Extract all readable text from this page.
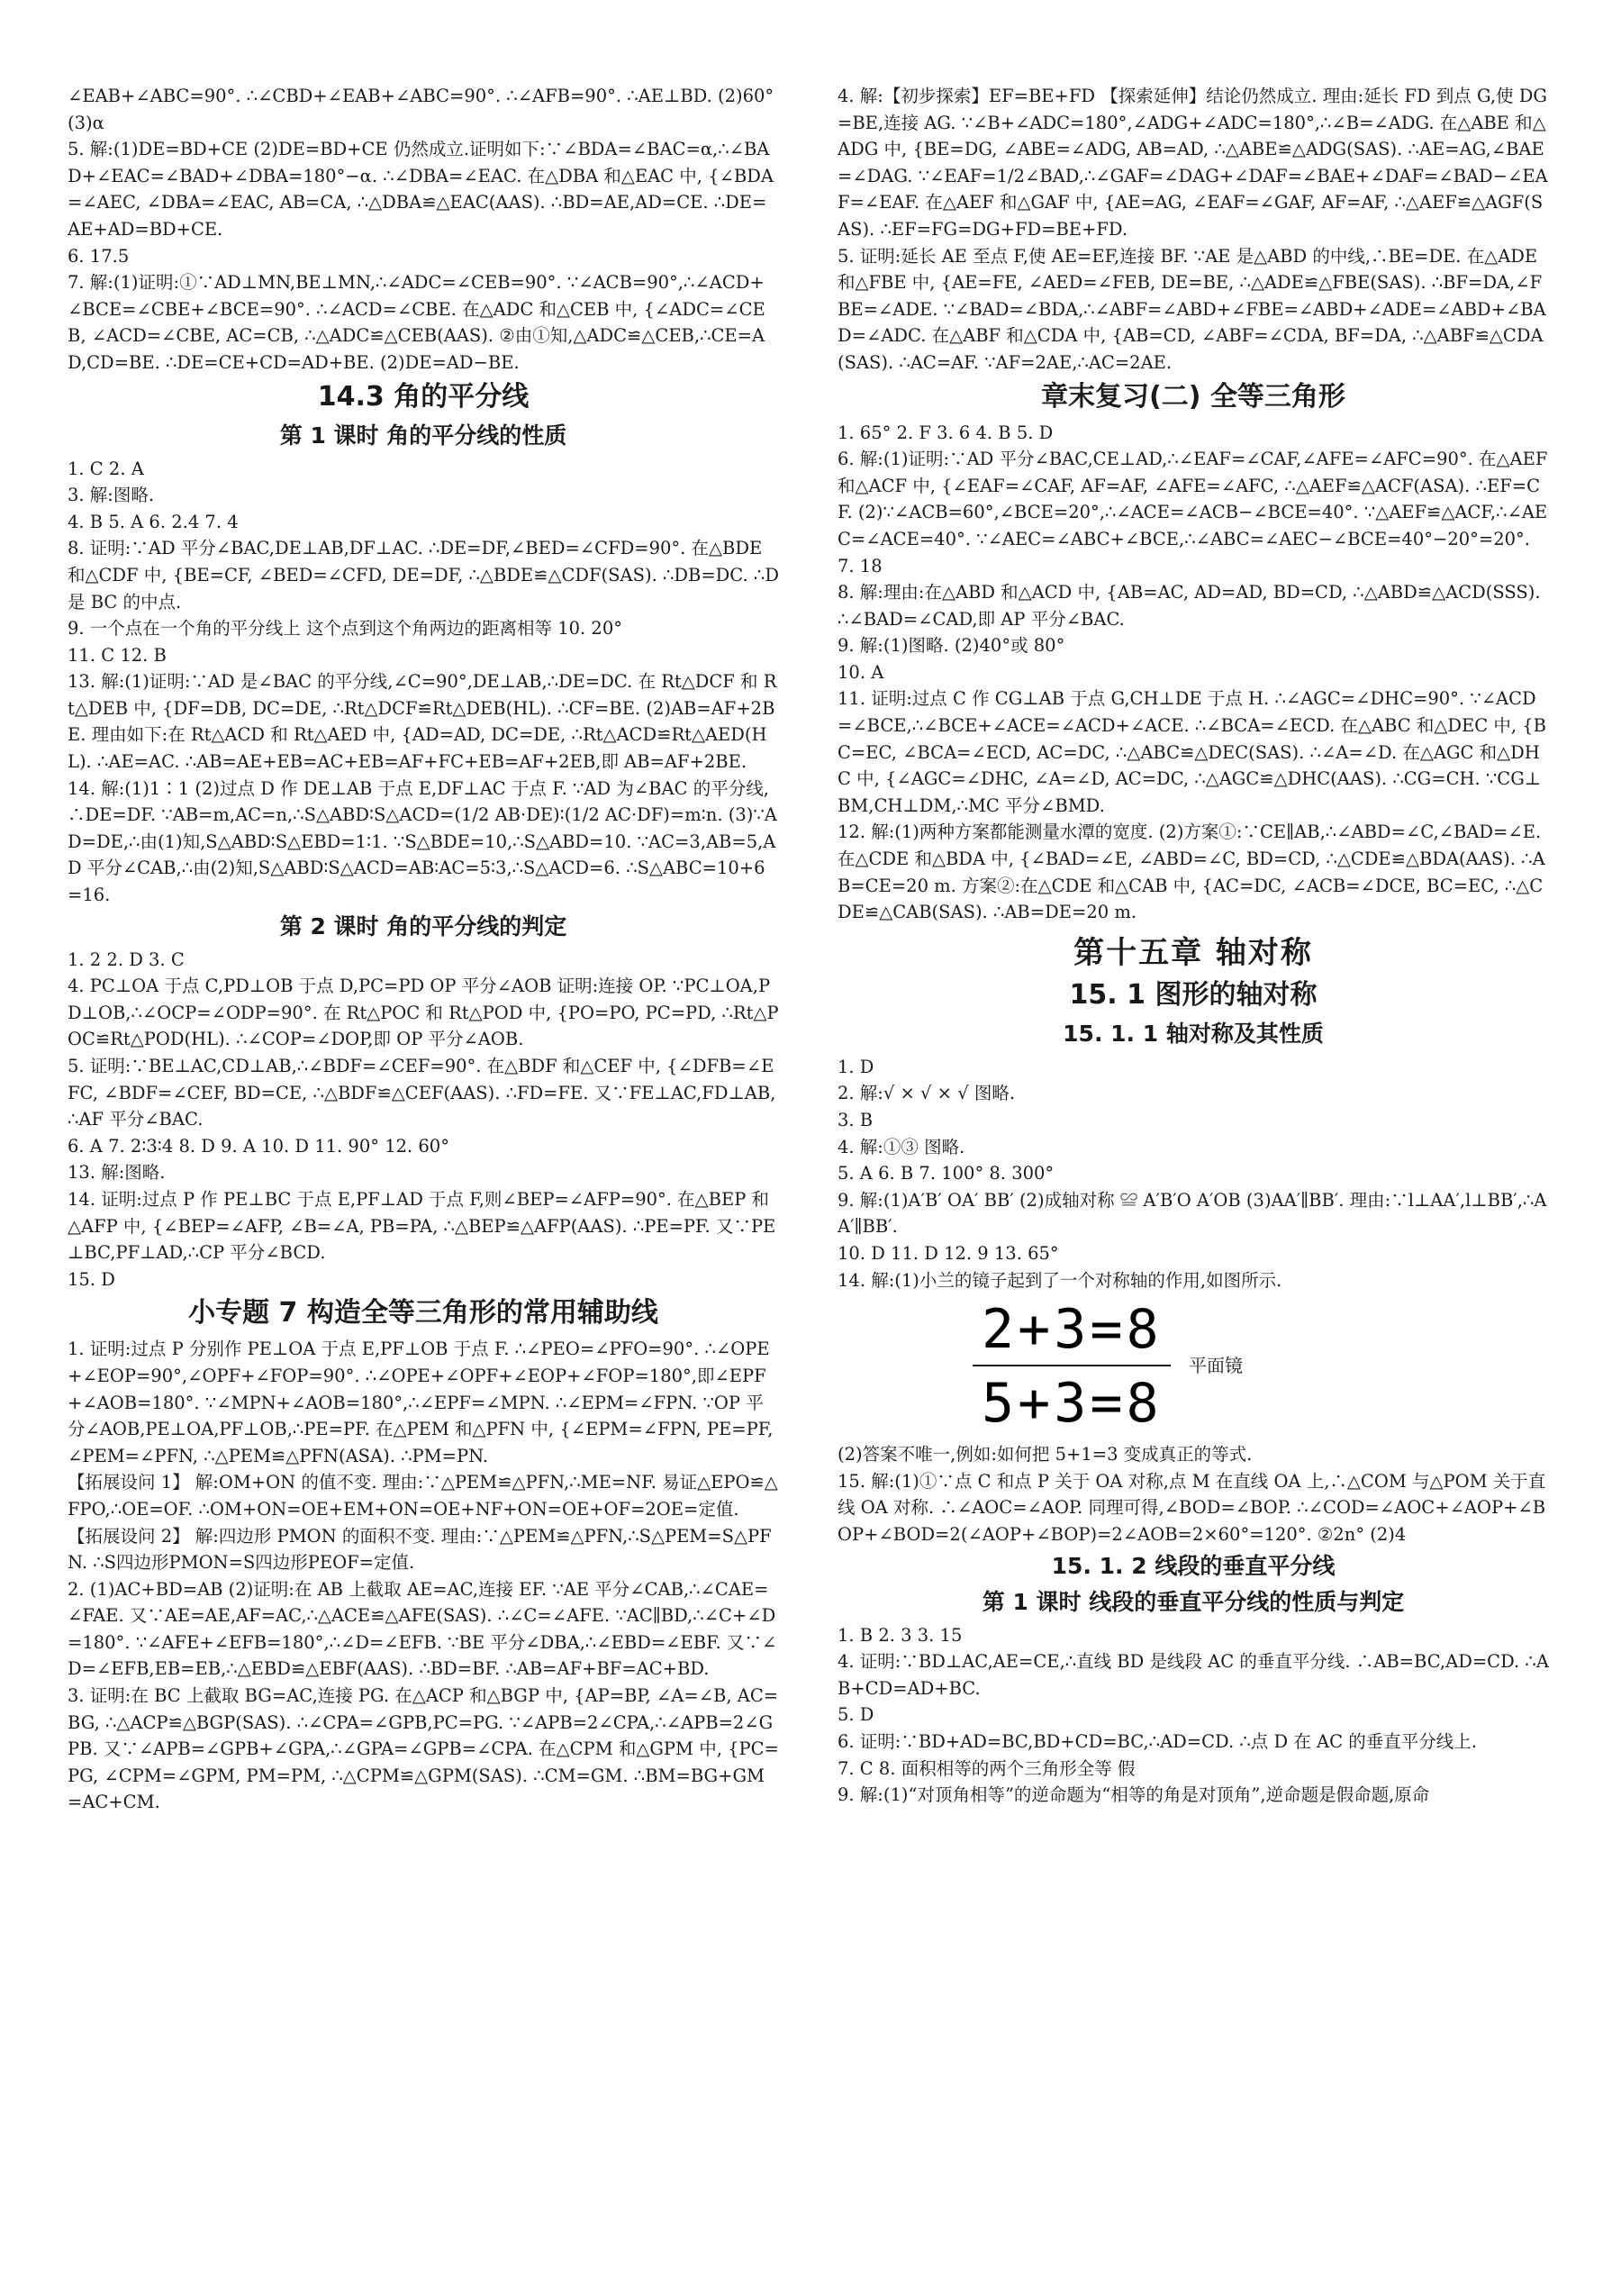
∠EAB+∠ABC=90°. ∴∠CBD+∠EAB+∠ABC=90°. ∴∠AFB=90°. ∴AE⊥BD. (2)60° (3)α
5. 解:(1)DE=BD+CE (2)DE=BD+CE 仍然成立.证明如下:∵∠BDA=∠BAC=α,∴∠BAD+∠EAC=∠BAD+∠DBA=180°−α. ∴∠DBA=∠EAC. 在△DBA 和△EAC 中, {∠BDA=∠AEC, ∠DBA=∠EAC, AB=CA, ∴△DBA≌△EAC(AAS). ∴BD=AE,AD=CE. ∴DE=AE+AD=BD+CE.
6. 17.5
7. 解:(1)证明:①∵AD⊥MN,BE⊥MN,∴∠ADC=∠CEB=90°. ∵∠ACB=90°,∴∠ACD+∠BCE=∠CBE+∠BCE=90°. ∴∠ACD=∠CBE. 在△ADC 和△CEB 中, {∠ADC=∠CEB, ∠ACD=∠CBE, AC=CB, ∴△ADC≌△CEB(AAS). ②由①知,△ADC≌△CEB,∴CE=AD,CD=BE. ∴DE=CE+CD=AD+BE. (2)DE=AD−BE.
14.3 角的平分线
第 1 课时 角的平分线的性质
1. C 2. A
3. 解:图略.
4. B 5. A 6. 2.4 7. 4
8. 证明:∵AD 平分∠BAC,DE⊥AB,DF⊥AC. ∴DE=DF,∠BED=∠CFD=90°. 在△BDE 和△CDF 中, {BE=CF, ∠BED=∠CFD, DE=DF, ∴△BDE≌△CDF(SAS). ∴DB=DC. ∴D 是 BC 的中点.
9. 一个点在一个角的平分线上 这个点到这个角两边的距离相等 10. 20°
11. C 12. B
13. 解:(1)证明:∵AD 是∠BAC 的平分线,∠C=90°,DE⊥AB,∴DE=DC. 在 Rt△DCF 和 Rt△DEB 中, {DF=DB, DC=DE, ∴Rt△DCF≌Rt△DEB(HL). ∴CF=BE. (2)AB=AF+2BE. 理由如下:在 Rt△ACD 和 Rt△AED 中, {AD=AD, DC=DE, ∴Rt△ACD≌Rt△AED(HL). ∴AE=AC. ∴AB=AE+EB=AC+EB=AF+FC+EB=AF+2EB,即 AB=AF+2BE.
14. 解:(1)1∶1 (2)过点 D 作 DE⊥AB 于点 E,DF⊥AC 于点 F. ∵AD 为∠BAC 的平分线,∴DE=DF. ∵AB=m,AC=n,∴S△ABD∶S△ACD=(1/2 AB·DE)∶(1/2 AC·DF)=m∶n. (3)∵AD=DE,∴由(1)知,S△ABD∶S△EBD=1∶1. ∵S△BDE=10,∴S△ABD=10. ∵AC=3,AB=5,AD 平分∠CAB,∴由(2)知,S△ABD∶S△ACD=AB∶AC=5∶3,∴S△ACD=6. ∴S△ABC=10+6=16.
第 2 课时 角的平分线的判定
1. 2 2. D 3. C
4. PC⊥OA 于点 C,PD⊥OB 于点 D,PC=PD OP 平分∠AOB 证明:连接 OP. ∵PC⊥OA,PD⊥OB,∴∠OCP=∠ODP=90°. 在 Rt△POC 和 Rt△POD 中, {PO=PO, PC=PD, ∴Rt△POC≌Rt△POD(HL). ∴∠COP=∠DOP,即 OP 平分∠AOB.
5. 证明:∵BE⊥AC,CD⊥AB,∴∠BDF=∠CEF=90°. 在△BDF 和△CEF 中, {∠DFB=∠EFC, ∠BDF=∠CEF, BD=CE, ∴△BDF≌△CEF(AAS). ∴FD=FE. 又∵FE⊥AC,FD⊥AB,∴AF 平分∠BAC.
6. A 7. 2∶3∶4 8. D 9. A 10. D 11. 90° 12. 60°
13. 解:图略.
14. 证明:过点 P 作 PE⊥BC 于点 E,PF⊥AD 于点 F,则∠BEP=∠AFP=90°. 在△BEP 和△AFP 中, {∠BEP=∠AFP, ∠B=∠A, PB=PA, ∴△BEP≌△AFP(AAS). ∴PE=PF. 又∵PE⊥BC,PF⊥AD,∴CP 平分∠BCD.
15. D
小专题 7 构造全等三角形的常用辅助线
1. 证明:过点 P 分别作 PE⊥OA 于点 E,PF⊥OB 于点 F. ∴∠PEO=∠PFO=90°. ∴∠OPE+∠EOP=90°,∠OPF+∠FOP=90°. ∴∠OPE+∠OPF+∠EOP+∠FOP=180°,即∠EPF+∠AOB=180°. ∵∠MPN+∠AOB=180°,∴∠EPF=∠MPN. ∴∠EPM=∠FPN. ∵OP 平分∠AOB,PE⊥OA,PF⊥OB,∴PE=PF. 在△PEM 和△PFN 中, {∠EPM=∠FPN, PE=PF, ∠PEM=∠PFN, ∴△PEM≌△PFN(ASA). ∴PM=PN.
【拓展设问 1】 解:OM+ON 的值不变. 理由:∵△PEM≌△PFN,∴ME=NF. 易证△EPO≌△FPO,∴OE=OF. ∴OM+ON=OE+EM+ON=OE+NF+ON=OE+OF=2OE=定值.
【拓展设问 2】 解:四边形 PMON 的面积不变. 理由:∵△PEM≌△PFN,∴S△PEM=S△PFN. ∴S四边形PMON=S四边形PEOF=定值.
2. (1)AC+BD=AB (2)证明:在 AB 上截取 AE=AC,连接 EF. ∵AE 平分∠CAB,∴∠CAE=∠FAE. 又∵AE=AE,AF=AC,∴△ACE≌△AFE(SAS). ∴∠C=∠AFE. ∵AC∥BD,∴∠C+∠D=180°. ∵∠AFE+∠EFB=180°,∴∠D=∠EFB. ∵BE 平分∠DBA,∴∠EBD=∠EBF. 又∵∠D=∠EFB,EB=EB,∴△EBD≌△EBF(AAS). ∴BD=BF. ∴AB=AF+BF=AC+BD.
3. 证明:在 BC 上截取 BG=AC,连接 PG. 在△ACP 和△BGP 中, {AP=BP, ∠A=∠B, AC=BG, ∴△ACP≌△BGP(SAS). ∴∠CPA=∠GPB,PC=PG. ∵∠APB=2∠CPA,∴∠APB=2∠GPB. 又∵∠APB=∠GPB+∠GPA,∴∠GPA=∠GPB=∠CPA. 在△CPM 和△GPM 中, {PC=PG, ∠CPM=∠GPM, PM=PM, ∴△CPM≌△GPM(SAS). ∴CM=GM. ∴BM=BG+GM=AC+CM.
4. 解:【初步探索】EF=BE+FD 【探索延伸】结论仍然成立. 理由:延长 FD 到点 G,使 DG=BE,连接 AG. ∵∠B+∠ADC=180°,∠ADG+∠ADC=180°,∴∠B=∠ADG. 在△ABE 和△ADG 中, {BE=DG, ∠ABE=∠ADG, AB=AD, ∴△ABE≌△ADG(SAS). ∴AE=AG,∠BAE=∠DAG. ∵∠EAF=1/2∠BAD,∴∠GAF=∠DAG+∠DAF=∠BAE+∠DAF=∠BAD−∠EAF=∠EAF. 在△AEF 和△GAF 中, {AE=AG, ∠EAF=∠GAF, AF=AF, ∴△AEF≌△AGF(SAS). ∴EF=FG=DG+FD=BE+FD.
5. 证明:延长 AE 至点 F,使 AE=EF,连接 BF. ∵AE 是△ABD 的中线,∴BE=DE. 在△ADE 和△FBE 中, {AE=FE, ∠AED=∠FEB, DE=BE, ∴△ADE≌△FBE(SAS). ∴BF=DA,∠FBE=∠ADE. ∵∠BAD=∠BDA,∴∠ABF=∠ABD+∠FBE=∠ABD+∠ADE=∠ABD+∠BAD=∠ADC. 在△ABF 和△CDA 中, {AB=CD, ∠ABF=∠CDA, BF=DA, ∴△ABF≌△CDA(SAS). ∴AC=AF. ∵AF=2AE,∴AC=2AE.
章末复习(二) 全等三角形
1. 65° 2. F 3. 6 4. B 5. D
6. 解:(1)证明:∵AD 平分∠BAC,CE⊥AD,∴∠EAF=∠CAF,∠AFE=∠AFC=90°. 在△AEF 和△ACF 中, {∠EAF=∠CAF, AF=AF, ∠AFE=∠AFC, ∴△AEF≌△ACF(ASA). ∴EF=CF. (2)∵∠ACB=60°,∠BCE=20°,∴∠ACE=∠ACB−∠BCE=40°. ∵△AEF≌△ACF,∴∠AEC=∠ACE=40°. ∵∠AEC=∠ABC+∠BCE,∴∠ABC=∠AEC−∠BCE=40°−20°=20°.
7. 18
8. 解:理由:在△ABD 和△ACD 中, {AB=AC, AD=AD, BD=CD, ∴△ABD≌△ACD(SSS). ∴∠BAD=∠CAD,即 AP 平分∠BAC.
9. 解:(1)图略. (2)40°或 80°
10. A
11. 证明:过点 C 作 CG⊥AB 于点 G,CH⊥DE 于点 H. ∴∠AGC=∠DHC=90°. ∵∠ACD=∠BCE,∴∠BCE+∠ACE=∠ACD+∠ACE. ∴∠BCA=∠ECD. 在△ABC 和△DEC 中, {BC=EC, ∠BCA=∠ECD, AC=DC, ∴△ABC≌△DEC(SAS). ∴∠A=∠D. 在△AGC 和△DHC 中, {∠AGC=∠DHC, ∠A=∠D, AC=DC, ∴△AGC≌△DHC(AAS). ∴CG=CH. ∵CG⊥BM,CH⊥DM,∴MC 平分∠BMD.
12. 解:(1)两种方案都能测量水潭的宽度. (2)方案①:∵CE∥AB,∴∠ABD=∠C,∠BAD=∠E. 在△CDE 和△BDA 中, {∠BAD=∠E, ∠ABD=∠C, BD=CD, ∴△CDE≌△BDA(AAS). ∴AB=CE=20 m. 方案②:在△CDE 和△CAB 中, {AC=DC, ∠ACB=∠DCE, BC=EC, ∴△CDE≌△CAB(SAS). ∴AB=DE=20 m.
第十五章 轴对称
15. 1 图形的轴对称
15. 1. 1 轴对称及其性质
1. D
2. 解:√ × √ × √ 图略.
3. B
4. 解:①③ 图略.
5. A 6. B 7. 100° 8. 300°
9. 解:(1)A′B′ OA′ BB′ (2)成轴对称 ≌ A′B′O A′OB (3)AA′∥BB′. 理由:∵l⊥AA′,l⊥BB′,∴AA′∥BB′.
10. D 11. D 12. 9 13. 65°
14. 解:(1)小兰的镜子起到了一个对称轴的作用,如图所示.
2+3=8
5+3=8
平面镜
(2)答案不唯一,例如:如何把 5+1=3 变成真正的等式.
15. 解:(1)①∵点 C 和点 P 关于 OA 对称,点 M 在直线 OA 上,∴△COM 与△POM 关于直线 OA 对称. ∴∠AOC=∠AOP. 同理可得,∠BOD=∠BOP. ∴∠COD=∠AOC+∠AOP+∠BOP+∠BOD=2(∠AOP+∠BOP)=2∠AOB=2×60°=120°. ②2n° (2)4
15. 1. 2 线段的垂直平分线
第 1 课时 线段的垂直平分线的性质与判定
1. B 2. 3 3. 15
4. 证明:∵BD⊥AC,AE=CE,∴直线 BD 是线段 AC 的垂直平分线. ∴AB=BC,AD=CD. ∴AB+CD=AD+BC.
5. D
6. 证明:∵BD+AD=BC,BD+CD=BC,∴AD=CD. ∴点 D 在 AC 的垂直平分线上.
7. C 8. 面积相等的两个三角形全等 假
9. 解:(1)“对顶角相等”的逆命题为“相等的角是对顶角”,逆命题是假命题,原命
